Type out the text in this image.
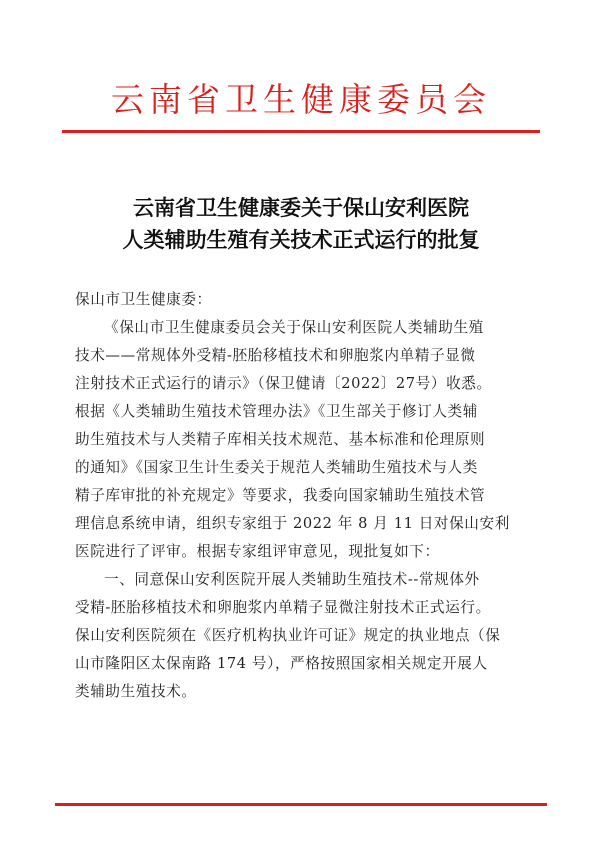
云南省卫生健康委员会
云南省卫生健康委关于保山安利医院
人类辅助生殖有关技术正式运行的批复
保山市卫生健康委：
《保山市卫生健康委员会关于保山安利医院人类辅助生殖
技术——常规体外受精-胚胎移植技术和卵胞浆内单精子显微
注射技术正式运行的请示》（保卫健请〔2022〕27号）收悉。
根据《人类辅助生殖技术管理办法》《卫生部关于修订人类辅
助生殖技术与人类精子库相关技术规范、基本标准和伦理原则
的通知》《国家卫生计生委关于规范人类辅助生殖技术与人类
精子库审批的补充规定》等要求，我委向国家辅助生殖技术管
理信息系统申请，组织专家组于 2022 年 8 月 11 日对保山安利
医院进行了评审。根据专家组评审意见，现批复如下：
一、同意保山安利医院开展人类辅助生殖技术--常规体外
受精-胚胎移植技术和卵胞浆内单精子显微注射技术正式运行。
保山安利医院须在《医疗机构执业许可证》规定的执业地点（保
山市隆阳区太保南路 174 号），严格按照国家相关规定开展人
类辅助生殖技术。
